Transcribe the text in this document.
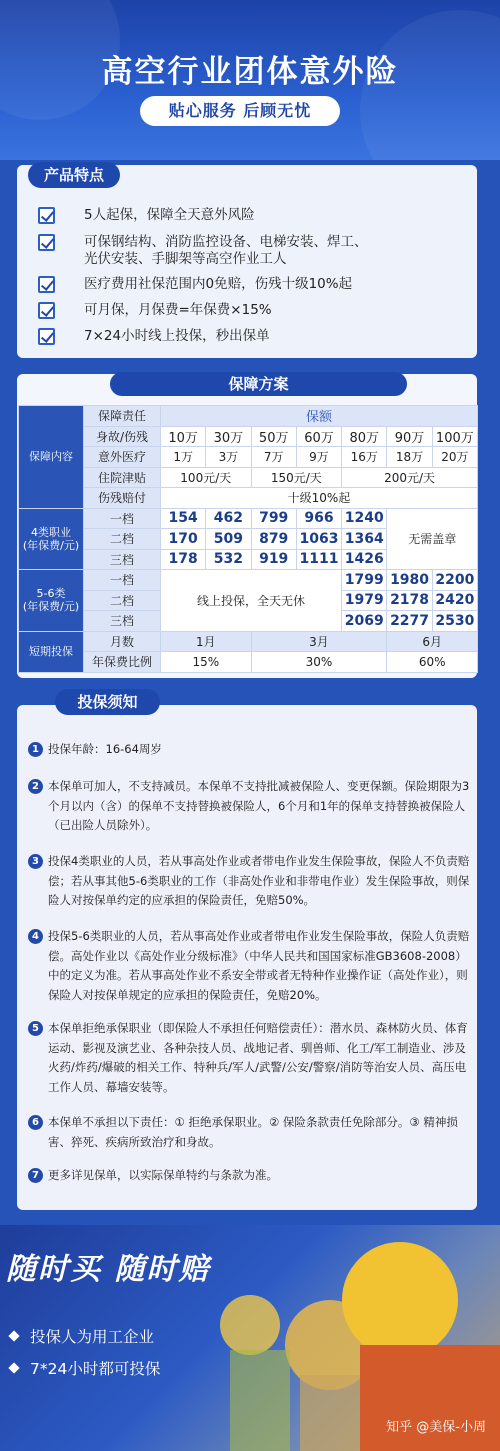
高空行业团体意外险
贴心服务 后顾无忧
产品特点
5人起保，保障全天意外风险
可保钢结构、消防监控设备、电梯安装、焊工、
光伏安装、手脚架等高空作业工人
医疗费用社保范围内0免赔，伤残十级10%起
可月保，月保费=年保费×15%
7×24小时线上投保，秒出保单
保障方案
保障内容	保障责任	保额						
	身故/伤残	10万	30万	50万	60万	80万	90万	100万
	意外医疗	1万	3万	7万	9万	16万	18万	20万
	住院津贴	100元/天		150元/天		200元/天		
	伤残赔付	十级10%起						
4类职业
(年保费/元)	一档	154	462	799	966	1240	无需盖章	
	二档	170	509	879	1063	1364		
	三档	178	532	919	1111	1426		
5-6类
(年保费/元)	一档	线上投保，全天无休				1799	1980	2200
	二档					1979	2178	2420
	三档					2069	2277	2530
短期投保	月数	1月		3月			6月	
	年保费比例	15%		30%			60%	
投保须知
1 投保年龄：16-64周岁
2 本保单可加人，不支持减员。本保单不支持批减被保险人、变更保额。保险期限为3个月以内（含）的保单不支持替换被保险人，6个月和1年的保单支持替换被保险人（已出险人员除外）。
3 投保4类职业的人员，若从事高处作业或者带电作业发生保险事故，保险人不负责赔偿；若从事其他5-6类职业的工作（非高处作业和非带电作业）发生保险事故，则保险人对按保单约定的应承担的保险责任，免赔50%。
4 投保5-6类职业的人员，若从事高处作业或者带电作业发生保险事故，保险人负责赔偿。高处作业以《高处作业分级标准》（中华人民共和国国家标准GB3608-2008）中的定义为准。若从事高处作业不系安全带或者无特种作业操作证（高处作业），则保险人对按保单规定的应承担的保险责任，免赔20%。
5 本保单拒绝承保职业（即保险人不承担任何赔偿责任）：潜水员、森林防火员、体育运动、影视及演艺业、各种杂技人员、战地记者、驯兽师、化工/军工制造业、涉及火药/炸药/爆破的相关工作、特种兵/军人/武警/公安/警察/消防等治安人员、高压电工作人员、幕墙安装等。
6 本保单不承担以下责任：① 拒绝承保职业。② 保险条款责任免除部分。③ 精神损害、猝死、疾病所致治疗和身故。
7 更多详见保单，以实际保单特约与条款为准。
随时买 随时赔
投保人为用工企业
7*24小时都可投保
知乎 @美保-小周
